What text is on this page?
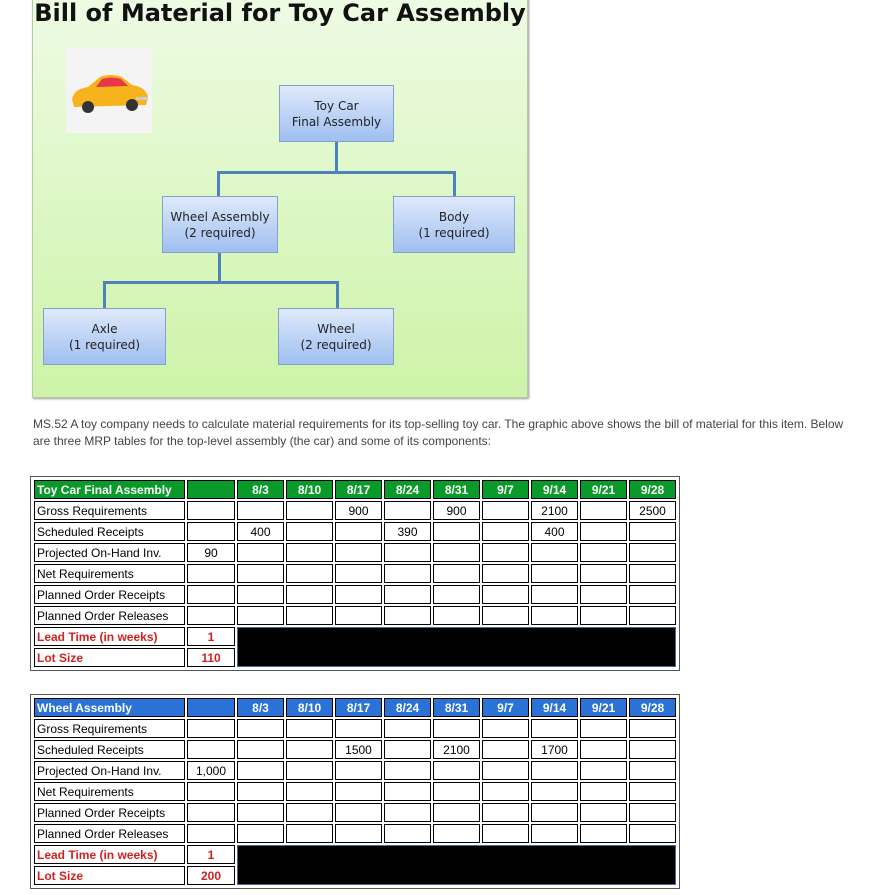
Bill of Material for Toy Car Assembly
Toy Car
Final Assembly
Wheel Assembly
(2 required)
Body
(1 required)
Axle
(1 required)
Wheel
(2 required)
MS.52 A toy company needs to calculate material requirements for its top-selling toy car. The graphic above shows the bill of material for this item. Below are three MRP tables for the top-level assembly (the car) and some of its components:
Toy Car Final Assembly		8/3	8/10	8/17	8/24	8/31	9/7	9/14	9/21	9/28
Gross Requirements				900		900		2100		2500
Scheduled Receipts		400			390			400		
Projected On-Hand Inv.	90									
Net Requirements										
Planned Order Receipts										
Planned Order Releases										
Lead Time (in weeks)	1									
Lot Size	110									
Wheel Assembly		8/3	8/10	8/17	8/24	8/31	9/7	9/14	9/21	9/28
Gross Requirements										
Scheduled Receipts				1500		2100		1700		
Projected On-Hand Inv.	1,000									
Net Requirements										
Planned Order Receipts										
Planned Order Releases										
Lead Time (in weeks)	1									
Lot Size	200									
